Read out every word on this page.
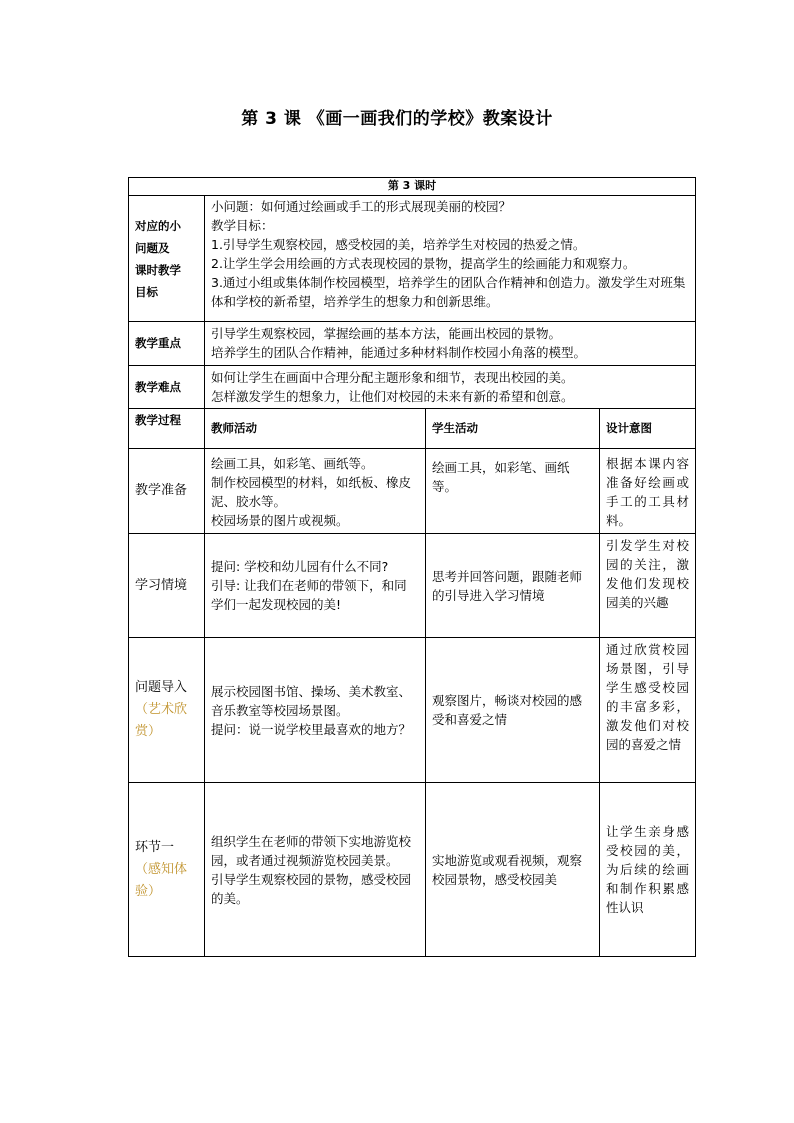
第 3 课 《画一画我们的学校》教案设计
第 3 课时			

对应的小
问题及
课时教学
目标	小问题：如何通过绘画或手工的形式展现美丽的校园？
教学目标：
1.引导学生观察校园，感受校园的美，培养学生对校园的热爱之情。
2.让学生学会用绘画的方式表现校园的景物，提高学生的绘画能力和观察力。
3.通过小组或集体制作校园模型，培养学生的团队合作精神和创造力。激发学生对班集体和学校的新希望，培养学生的想象力和创新思维。		

教学重点	引导学生观察校园，掌握绘画的基本方法，能画出校园的景物。
培养学生的团队合作精神，能通过多种材料制作校园小角落的模型。		

教学难点	如何让学生在画面中合理分配主题形象和细节，表现出校园的美。
怎样激发学生的想象力，让他们对校园的未来有新的希望和创意。		

教学过程	教师活动	学生活动	设计意图
教学准备	绘画工具，如彩笔、画纸等。
制作校园模型的材料，如纸板、橡皮泥、胶水等。
校园场景的图片或视频。	绘画工具，如彩笔、画纸等。	根据本课内容准备好绘画或手工的工具材料。
学习情境	提问: 学校和幼儿园有什么不同?
引导: 让我们在老师的带领下，和同学们一起发现校园的美!	思考并回答问题，跟随老师的引导进入学习情境	引发学生对校园的关注，激发他们发现校园美的兴趣
问题导入（艺术欣赏）	展示校园图书馆、操场、美术教室、音乐教室等校园场景图。
提问：说一说学校里最喜欢的地方？	观察图片，畅谈对校园的感受和喜爱之情	通过欣赏校园场景图，引导学生感受校园的丰富多彩，激发他们对校园的喜爱之情
环节一（感知体验）	组织学生在老师的带领下实地游览校园，或者通过视频游览校园美景。
引导学生观察校园的景物，感受校园的美。	实地游览或观看视频，观察校园景物，感受校园美	让学生亲身感受校园的美，为后续的绘画和制作积累感性认识
